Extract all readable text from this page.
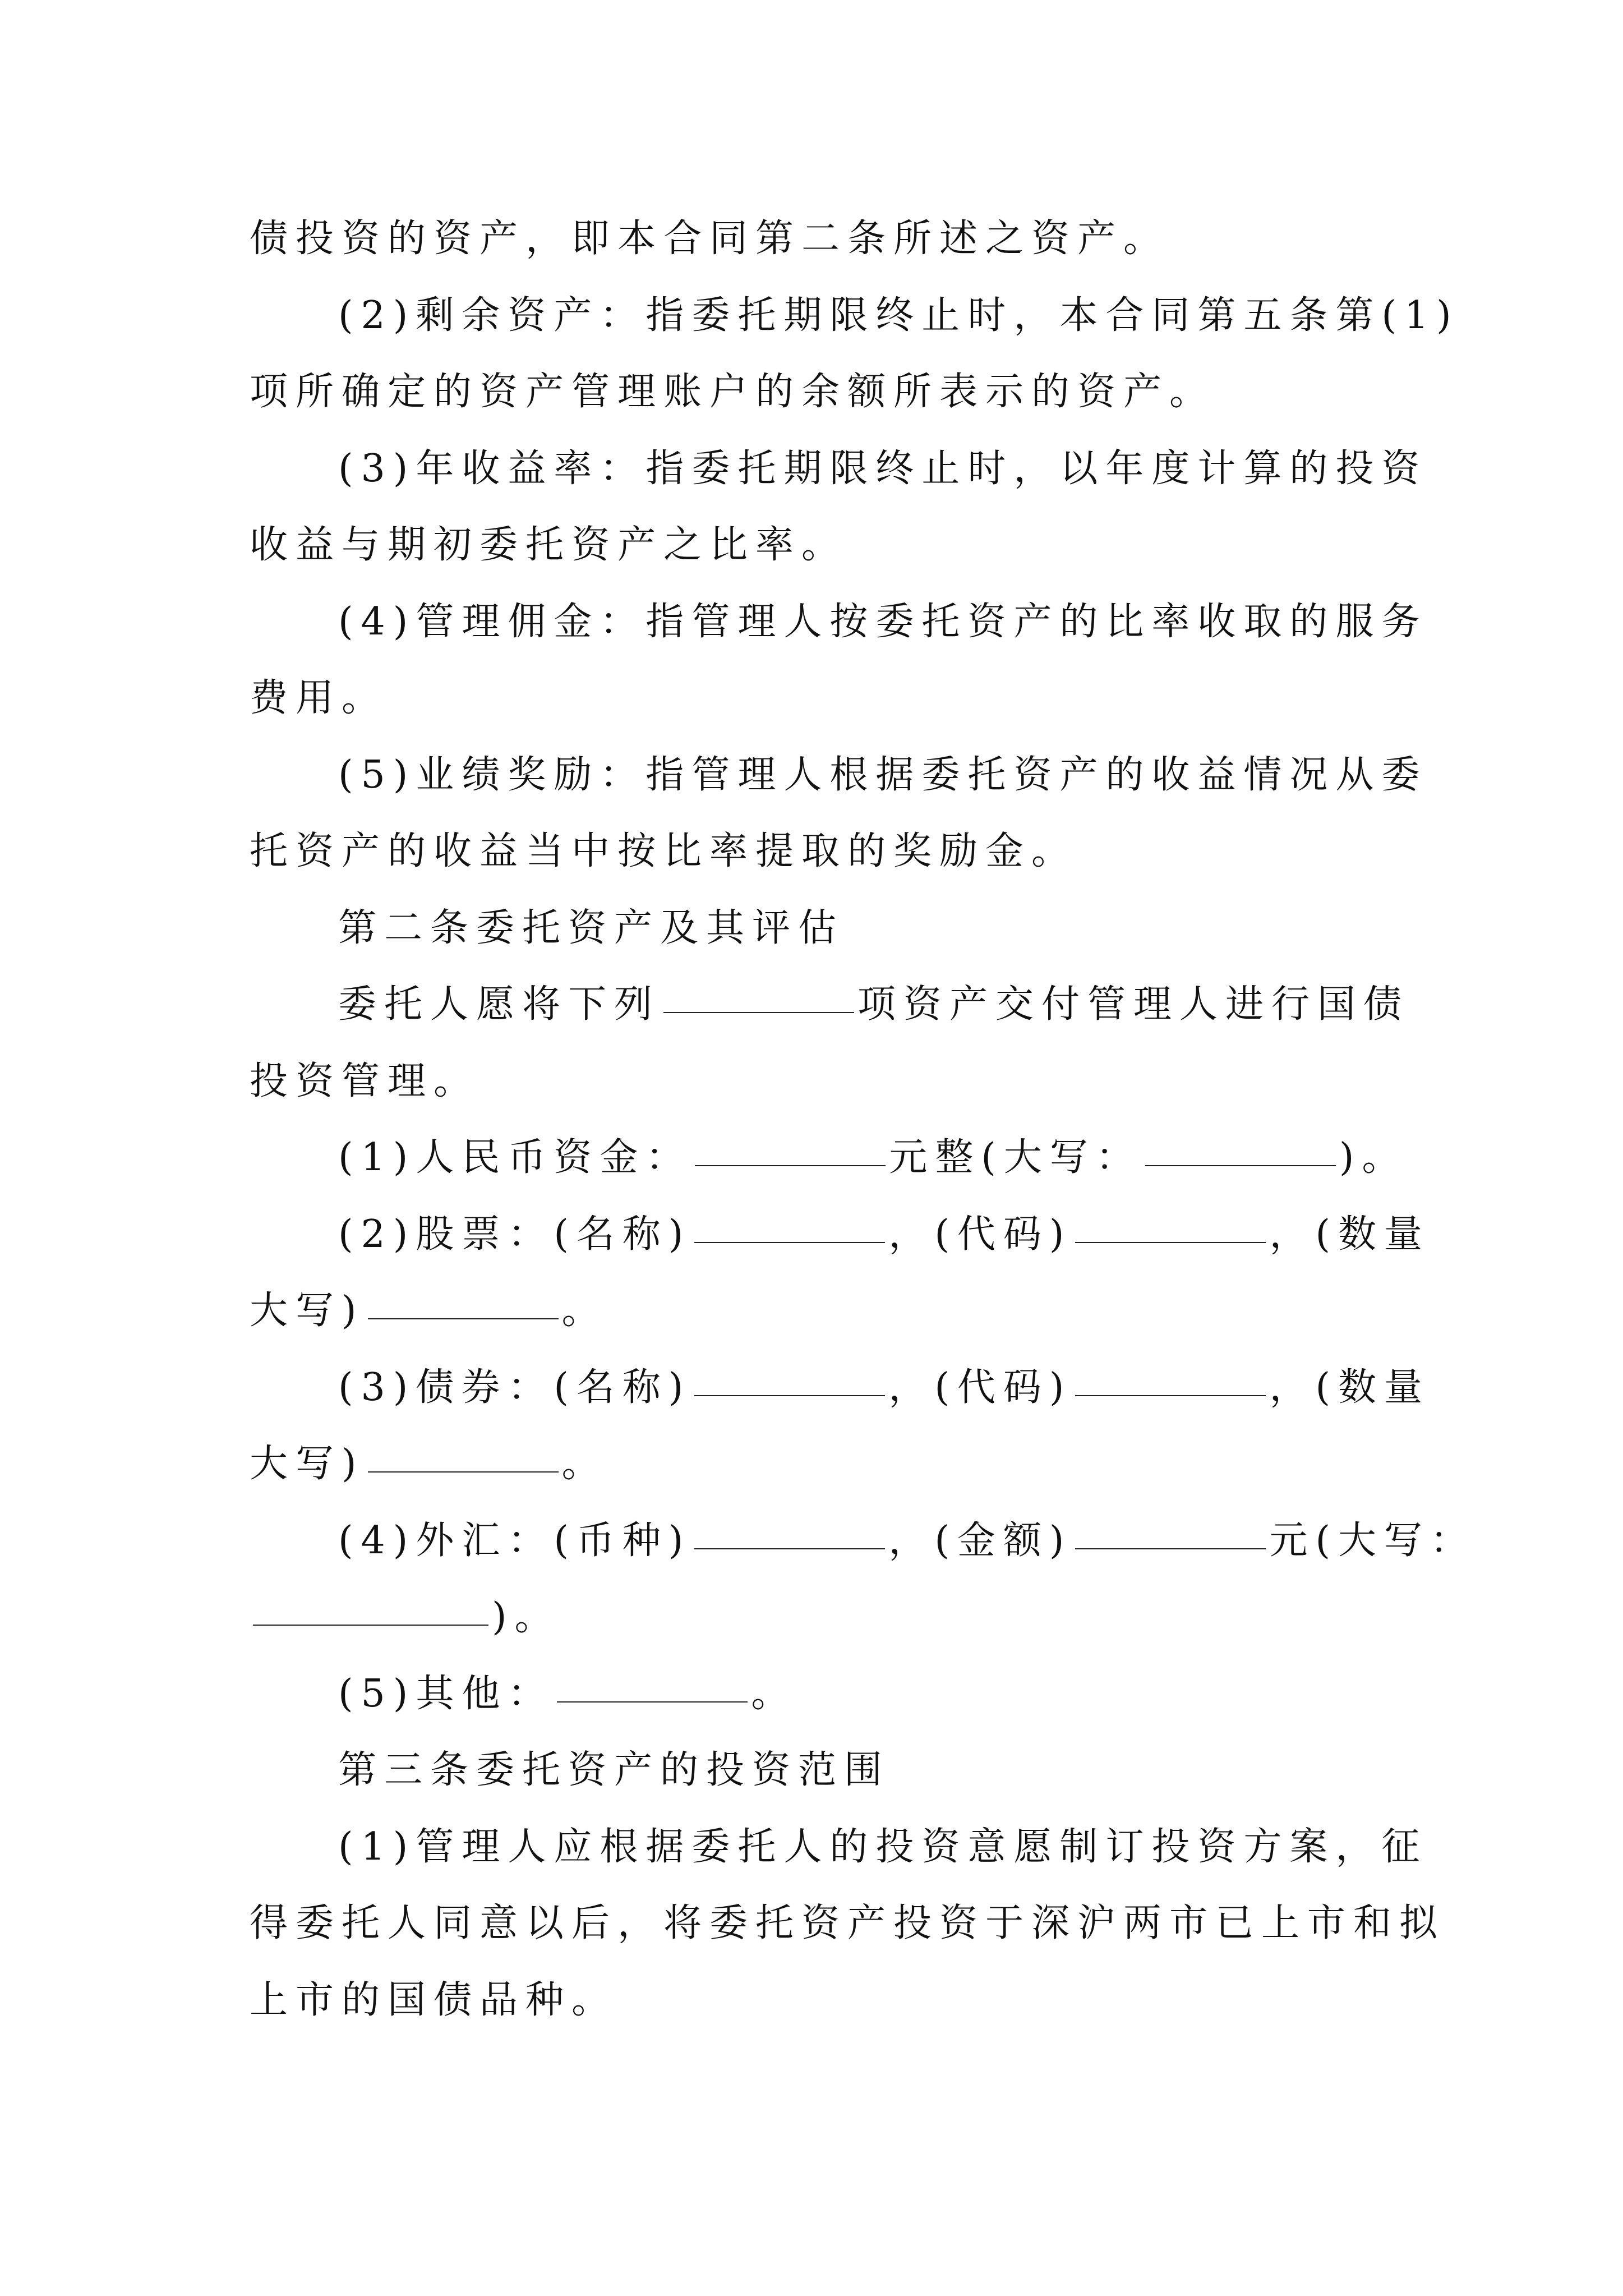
债投资的资产，即本合同第二条所述之资产。
(2)剩余资产：指委托期限终止时，本合同第五条第(1)
项所确定的资产管理账户的余额所表示的资产。
(3)年收益率：指委托期限终止时，以年度计算的投资
收益与期初委托资产之比率。
(4)管理佣金：指管理人按委托资产的比率收取的服务
费用。
(5)业绩奖励：指管理人根据委托资产的收益情况从委
托资产的收益当中按比率提取的奖励金。
第二条委托资产及其评估
委托人愿将下列	项资产交付管理人进行国债
投资管理。
(1)人民币资金：	元整(大写：	)。
(2)股票：(名称)	，(代码)	，(数量
大写)	。
(3)债券：(名称)	，(代码)	，(数量
大写)	。
(4)外汇：(币种)	，(金额)	元(大写：
)。
(5)其他：	。
第三条委托资产的投资范围
(1)管理人应根据委托人的投资意愿制订投资方案，征
得委托人同意以后，将委托资产投资于深沪两市已上市和拟
上市的国债品种。
